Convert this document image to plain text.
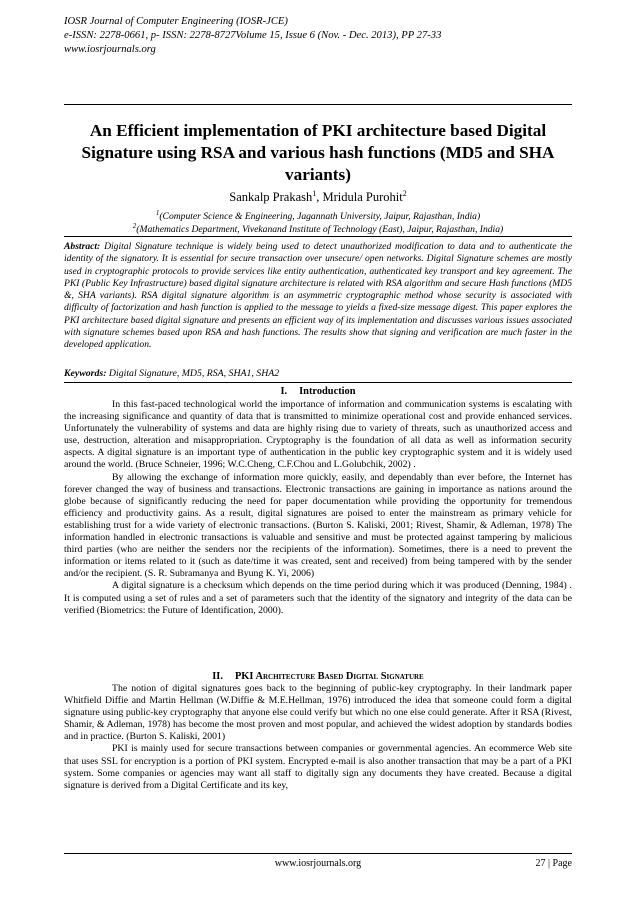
IOSR Journal of Computer Engineering (IOSR-JCE)
e-ISSN: 2278-0661, p- ISSN: 2278-8727Volume 15, Issue 6 (Nov. - Dec. 2013), PP 27-33
www.iosrjournals.org
An Efficient implementation of PKI architecture based Digital Signature using RSA and various hash functions (MD5 and SHA variants)
Sankalp Prakash$^1$, Mridula Purohit$^2$
$^1$(Computer Science & Engineering, Jagannath University, Jaipur, Rajasthan, India)
$^2$(Mathematics Department, Vivekanand Institute of Technology (East), Jaipur, Rajasthan, India)

Abstract: Digital Signature technique is widely being used to detect unauthorized modification to data and to authenticate the identity of the signatory. It is essential for secure transaction over unsecure/ open networks. Digital Signature schemes are mostly used in cryptographic protocols to provide services like entity authentication, authenticated key transport and key agreement. The PKI (Public Key Infrastructure) based digital signature architecture is related with RSA algorithm and secure Hash functions (MD5 &, SHA variants). RSA digital signature algorithm is an asymmetric cryptographic method whose security is associated with difficulty of factorization and hash function is applied to the message to yields a fixed-size message digest. This paper explores the PKI architecture based digital signature and presents an efficient way of its implementation and discusses various issues associated with signature schemes based upon RSA and hash functions. The results show that signing and verification are much faster in the developed application.

Keywords: Digital Signature, MD5, RSA, SHA1, SHA2
I. Introduction

In this fast-paced technological world the importance of information and communication systems is escalating with the increasing significance and quantity of data that is transmitted to minimize operational cost and provide enhanced services. Unfortunately the vulnerability of systems and data are highly rising due to variety of threats, such as unauthorized access and use, destruction, alteration and misappropriation. Cryptography is the foundation of all data as well as information security aspects. A digital signature is an important type of authentication in the public key cryptographic system and it is widely used around the world. (Bruce Schneier, 1996; W.C.Cheng, C.F.Chou and L.Golubchik, 2002) .

By allowing the exchange of information more quickly, easily, and dependably than ever before, the Internet has forever changed the way of business and transactions. Electronic transactions are gaining in importance as nations around the globe because of significantly reducing the need for paper documentation while providing the opportunity for tremendous efficiency and productivity gains. As a result, digital signatures are poised to enter the mainstream as primary vehicle for establishing trust for a wide variety of electronic transactions. (Burton S. Kaliski, 2001; Rivest, Shamir, & Adleman, 1978) The information handled in electronic transactions is valuable and sensitive and must be protected against tampering by malicious third parties (who are neither the senders nor the recipients of the information). Sometimes, there is a need to prevent the information or items related to it (such as date/time it was created, sent and received) from being tampered with by the sender and/or the recipient. (S. R. Subramanya and Byung K. Yi, 2006)

A digital signature is a checksum which depends on the time period during which it was produced (Denning, 1984) . It is computed using a set of rules and a set of parameters such that the identity of the signatory and integrity of the data can be verified (Biometrics: the Future of Identification, 2000).

II. PKI Architecture Based Digital Signature

The notion of digital signatures goes back to the beginning of public-key cryptography. In their landmark paper Whitfield Diffie and Martin Hellman (W.Diffie & M.E.Hellman, 1976) introduced the idea that someone could form a digital signature using public-key cryptography that anyone else could verify but which no one else could generate. After it RSA (Rivest, Shamir, & Adleman, 1978) has become the most proven and most popular, and achieved the widest adoption by standards bodies and in practice. (Burton S. Kaliski, 2001)

PKI is mainly used for secure transactions between companies or governmental agencies. An ecommerce Web site that uses SSL for encryption is a portion of PKI system. Encrypted e-mail is also another transaction that may be a part of a PKI system. Some companies or agencies may want all staff to digitally sign any documents they have created. Because a digital signature is derived from a Digital Certificate and its key,

www.iosrjournals.org	27 | Page
